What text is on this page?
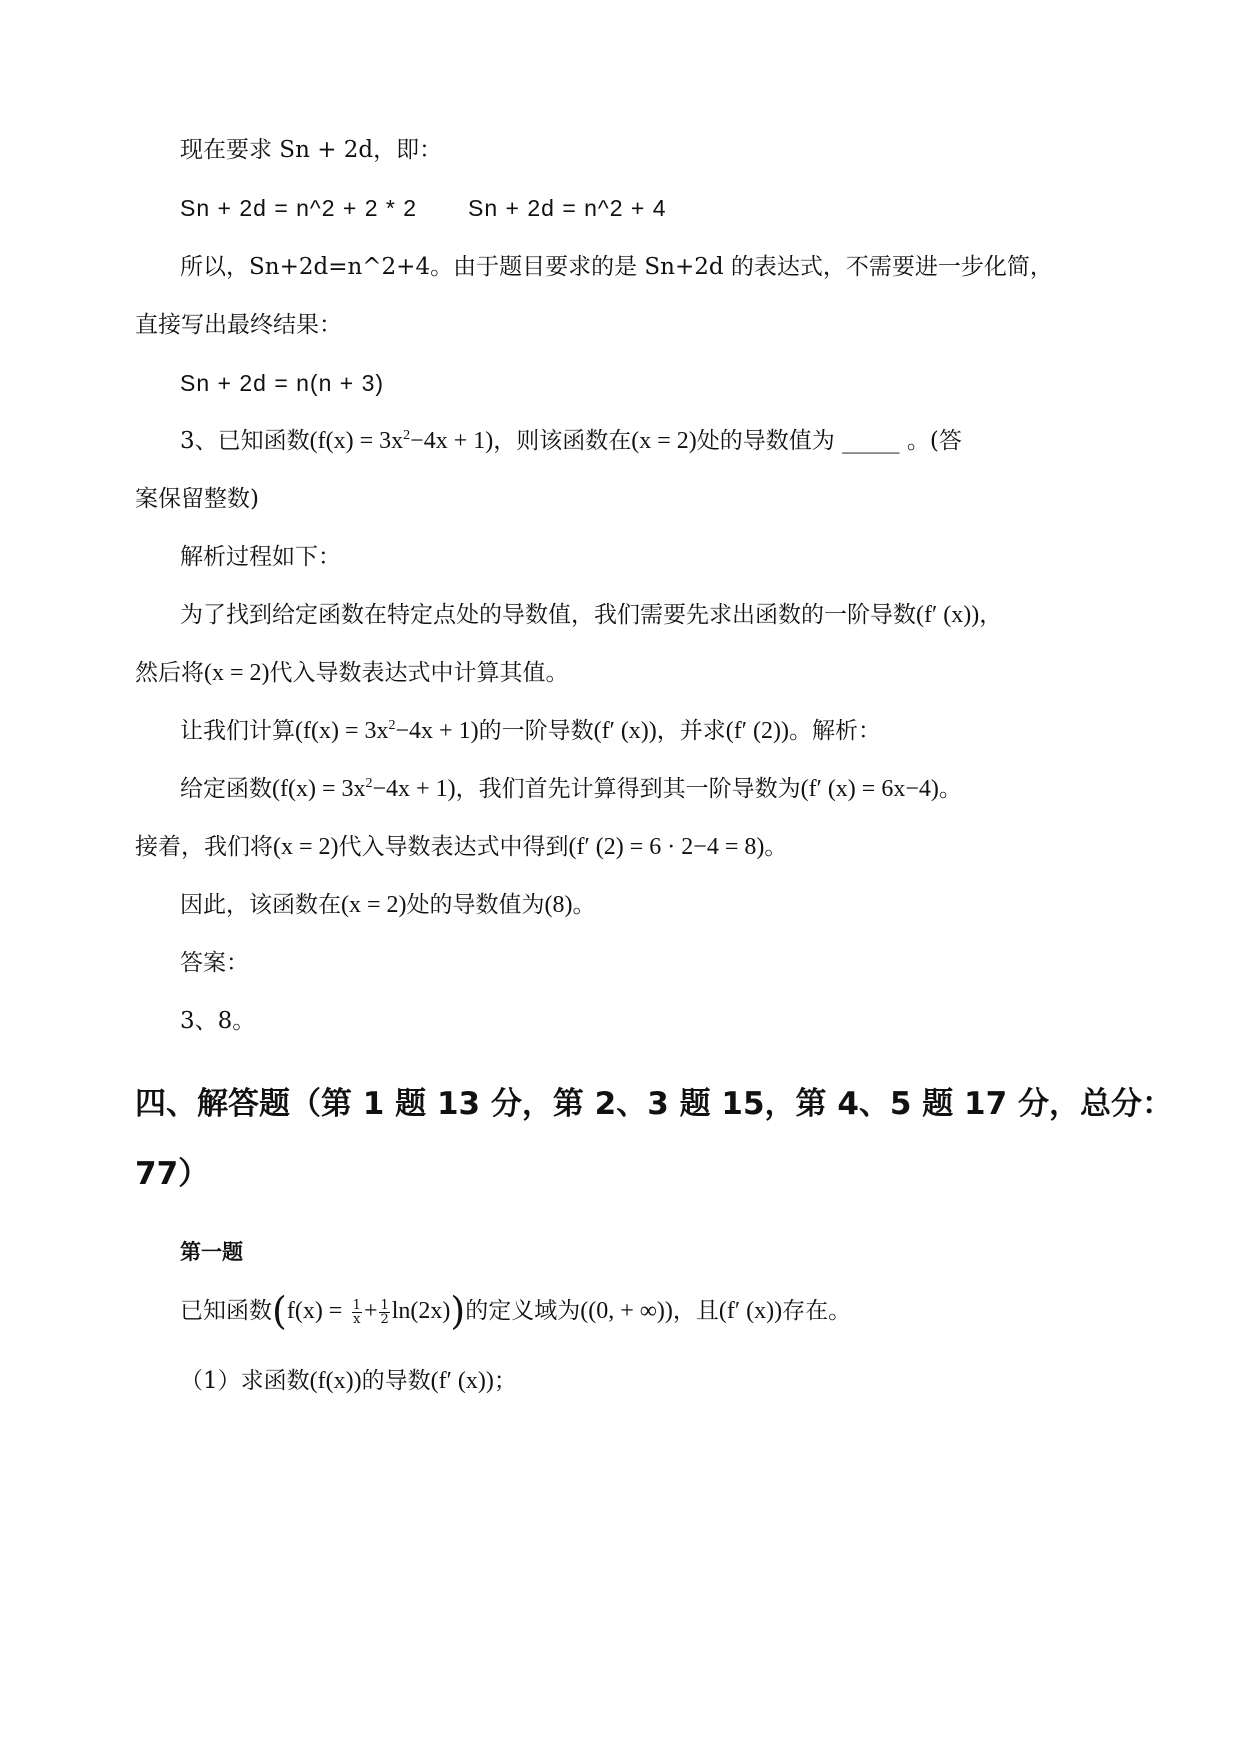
现在要求 Sn + 2d，即：
Sn + 2d = n^2 + 2 * 2 Sn + 2d = n^2 + 4
所以，Sn+2d=n^2+4。由于题目要求的是 Sn+2d 的表达式，不需要进一步化简，
直接写出最终结果：
Sn + 2d = n(n + 3)
3、已知函数$(f(x) = 3x^2-4x + 1)$，则该函数在(x = 2)处的导数值为 _____ 。(答
案保留整数)
解析过程如下：
为了找到给定函数在特定点处的导数值，我们需要先求出函数的一阶导数(f′ (x))，
然后将(x = 2)代入导数表达式中计算其值。
让我们计算$(f(x) = 3x^2-4x + 1)$的一阶导数(f′ (x))，并求(f′ (2))。解析：
给定函数$(f(x) = 3x^2-4x + 1)$，我们首先计算得到其一阶导数为(f′ (x) = 6x−4)。
接着，我们将(x = 2)代入导数表达式中得到(f′ (2) = 6 · 2−4 = 8)。
因此，该函数在(x = 2)处的导数值为(8)。
答案：
3、8。
四、解答题（第 1 题 13 分，第 2、3 题 15，第 4、5 题 17 分，总分：
77）
第一题
已知函数$(f(x) = \frac{1}{x} + \frac{1}{2} \ln(2x))$的定义域为((0, + ∞))，且(f′ (x))存在。
（1）求函数(f(x))的导数(f′ (x))；
